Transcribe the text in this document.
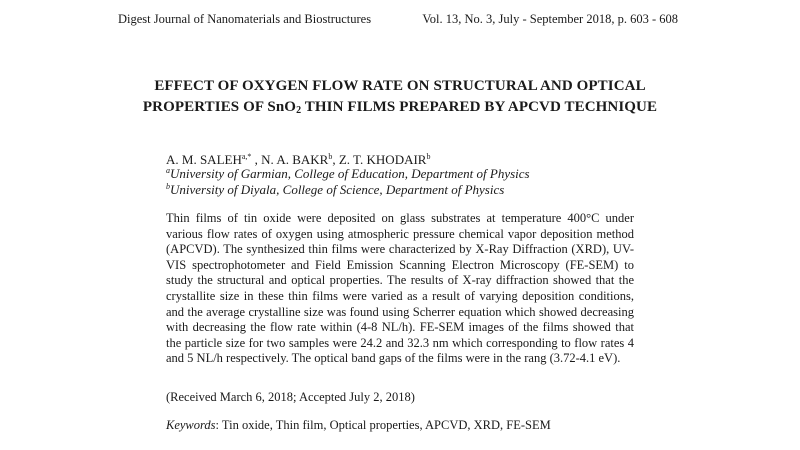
Digest Journal of Nanomaterials and Biostructures	Vol. 13, No. 3, July - September 2018, p. 603 - 608
EFFECT OF OXYGEN FLOW RATE ON STRUCTURAL AND OPTICAL
PROPERTIES OF SnO$_2$ THIN FILMS PREPARED BY APCVD TECHNIQUE
A. M. $SALEH^{a,*}$ , N. A. BAKR$^b$, Z. T. KHODAIR$^b$
$^a$University of Garmian, College of Education, Department of Physics
$^b$University of Diyala, College of Science, Department of Physics
Thin films of tin oxide were deposited on glass substrates at temperature 400°C under various flow rates of oxygen using atmospheric pressure chemical vapor deposition method (APCVD). The synthesized thin films were characterized by X-Ray Diffraction (XRD), UV-VIS spectrophotometer and Field Emission Scanning Electron Microscopy (FE-SEM) to study the structural and optical properties. The results of X-ray diffraction showed that the crystallite size in these thin films were varied as a result of varying deposition conditions, and the average crystalline size was found using Scherrer equation which showed decreasing with decreasing the flow rate within (4-8 NL/h). FE-SEM images of the films showed that the particle size for two samples were 24.2 and 32.3 nm which corresponding to flow rates 4 and 5 NL/h respectively. The optical band gaps of the films were in the rang (3.72-4.1 eV).
(Received March 6, 2018; Accepted July 2, 2018)
Keywords: Tin oxide, Thin film, Optical properties, APCVD, XRD, FE-SEM
